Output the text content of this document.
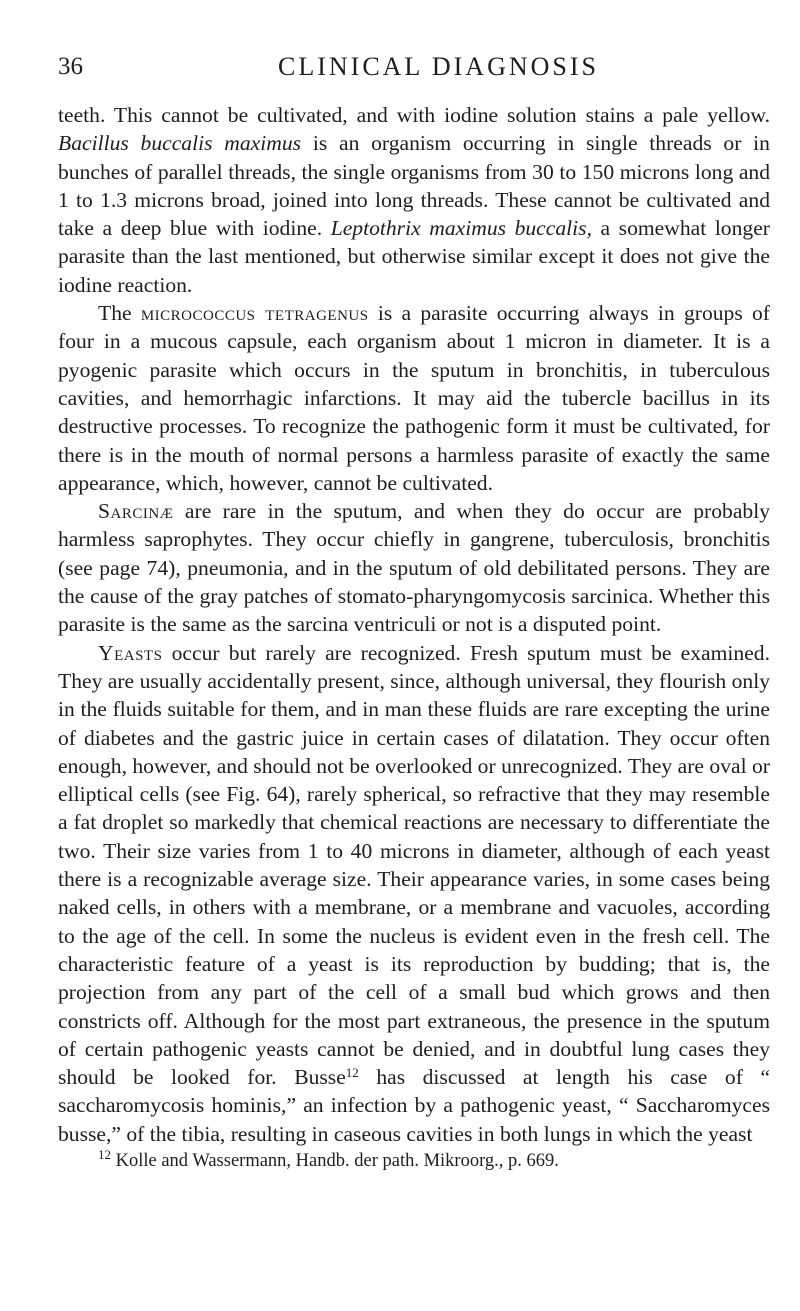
36	CLINICAL DIAGNOSIS

teeth. This cannot be cultivated, and with iodine solution stains a pale yellow. Bacillus buccalis maximus is an organism occurring in single threads or in bunches of parallel threads, the single organisms from 30 to 150 microns long and 1 to 1.3 microns broad, joined into long threads. These cannot be cultivated and take a deep blue with iodine. Leptothrix maximus buccalis, a somewhat longer parasite than the last mentioned, but otherwise similar except it does not give the iodine reaction.

The micrococcus tetragenus is a parasite occurring always in groups of four in a mucous capsule, each organism about 1 micron in diameter. It is a pyogenic parasite which occurs in the sputum in bronchitis, in tuberculous cavities, and hemorrhagic infarctions. It may aid the tubercle bacillus in its destructive processes. To recognize the pathogenic form it must be cultivated, for there is in the mouth of normal persons a harmless parasite of exactly the same appearance, which, however, cannot be cultivated.

Sarcinæ are rare in the sputum, and when they do occur are probably harmless saprophytes. They occur chiefly in gangrene, tuberculosis, bronchitis (see page 74), pneumonia, and in the sputum of old debilitated persons. They are the cause of the gray patches of stomato-pharyngomycosis sarcinica. Whether this parasite is the same as the sarcina ventriculi or not is a disputed point.

Yeasts occur but rarely are recognized. Fresh sputum must be examined. They are usually accidentally present, since, although universal, they flourish only in the fluids suitable for them, and in man these fluids are rare excepting the urine of diabetes and the gastric juice in certain cases of dilatation. They occur often enough, however, and should not be overlooked or unrecognized. They are oval or elliptical cells (see Fig. 64), rarely spherical, so refractive that they may resemble a fat droplet so markedly that chemical reactions are necessary to differentiate the two. Their size varies from 1 to 40 microns in diameter, although of each yeast there is a recognizable average size. Their appearance varies, in some cases being naked cells, in others with a membrane, or a membrane and vacuoles, according to the age of the cell. In some the nucleus is evident even in the fresh cell. The characteristic feature of a yeast is its reproduction by budding; that is, the projection from any part of the cell of a small bud which grows and then constricts off. Although for the most part extraneous, the presence in the sputum of certain pathogenic yeasts cannot be denied, and in doubtful lung cases they should be looked for. Busse$^{12}$ has discussed at length his case of “ saccharomycosis hominis,” an infection by a pathogenic yeast, “ Saccharomyces busse,” of the tibia, resulting in caseous cavities in both lungs in which the yeast

$^{12}$ Kolle and Wassermann, Handb. der path. Mikroorg., p. 669.
